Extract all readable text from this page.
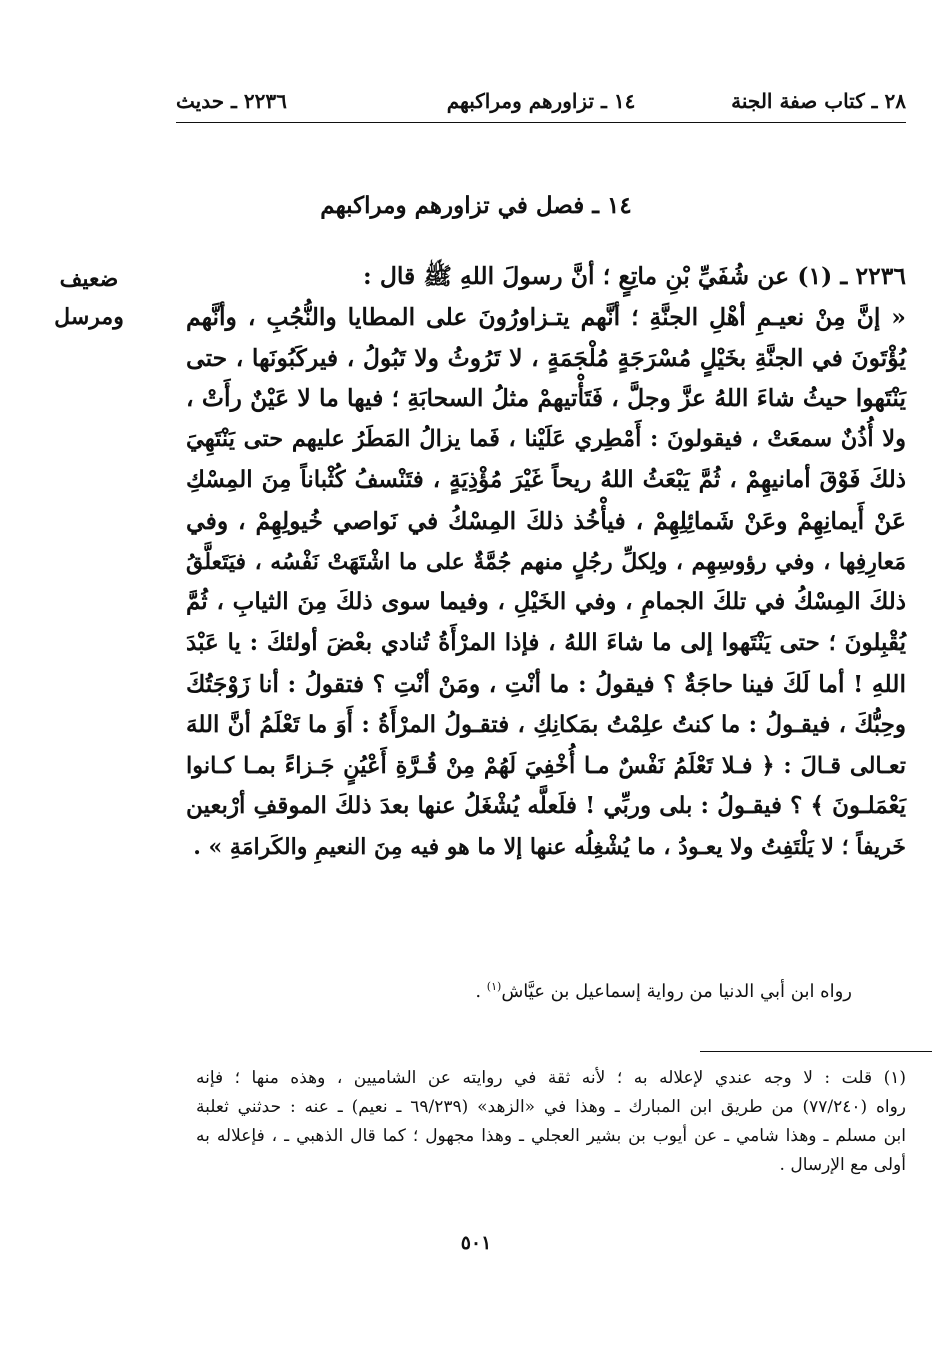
٢٨ ـ كتاب صفة الجنة
١٤ ـ تزاورهم ومراكبهم
٢٢٣٦ ـ حديث
١٤ ـ فصل في تزاورهم ومراكبهم
ضعيف
ومرسل
٢٢٣٦ ـ (١) عن شُفَيِّ بْنِ ماتِعٍ ؛ أنَّ رسولَ اللهِ ﷺ قال :
« إنَّ مِنْ نعيـمِ أهْلِ الجنَّةِ ؛ أنَّهم يتـزاورُونَ على المطايا والنُّجُبِ ، وأنَّهم
يُؤْتَونَ في الجنَّةِ بخَيْلٍ مُسْرَجَةٍ مُلْجَمَةٍ ، لا تَرُوثُ ولا تَبُولُ ، فيركَبُونَها ، حتى
يَنْتَهوا حيثُ شاءَ اللهُ عزَّ وجلَّ ، فَتَأْتيهمْ مثلُ السحابَةِ ؛ فيها ما لا عَيْنٌ رأَتْ ،
ولا أُذُنٌ سمعَتْ ، فيقولونَ : أَمْطِري عَلَيْنا ، فَما يزالُ المَطَرُ عليهم حتى يَنْتَهِيَ
ذلكَ فَوْقَ أمانيهِمْ ، ثُمَّ يَبْعَثُ اللهُ ريحاً غَيْرَ مُؤْذِيَةٍ ، فتَنْسفُ كُثْباناً مِنَ المِسْكِ
عَنْ أَيمانِهِمْ وعَنْ شَمائِلِهِمْ ، فيأْخُذ ذلكَ المِسْكُ في نَواصي خُيولِهِمْ ، وفي
مَعارِفِها ، وفي رؤوسِهِم ، ولِكلِّ رجُلٍ منهم جُمَّةٌ على ما اشْتَهَتْ نَفْسُه ، فيَتَعلَّقُ
ذلكَ المِسْكُ في تلكَ الجمامِ ، وفي الخَيْلِ ، وفيما سوى ذلكَ مِنَ الثيابِ ، ثُمَّ
يُقْبِلونَ ؛ حتى يَنْتَهوا إلى ما شاءَ اللهُ ، فإذا المرْأَةُ تُنادي بعْضَ أولئكَ : يا عَبْدَ
اللهِ ! أما لَكَ فينا حاجَةٌ ؟ فيقولُ : ما أنْتِ ، ومَنْ أنْتِ ؟ فتقولُ : أنا زَوْجَتُكَ
وحِبُّكَ ، فيقـولُ : ما كنتُ علِمْتُ بمَكانِكِ ، فتقـولُ المرْأَةُ : أَوَ ما تَعْلَمُ أنَّ اللهَ
تعـالى قـالَ : ﴿ فـلا تَعْلَمُ نَفْسٌ مـا أُخْفِيَ لَهُمْ مِنْ قُـرَّةِ أَعْيُنٍ جَـزاءً بمـا كـانوا
يَعْمَلـونَ ﴾ ؟ فيقـولُ : بلى وربِّي ! فلَعلَّه يُشْغَلُ عنها بعدَ ذلكَ الموقفِ أرْبعين
خَريفاً ؛ لا يَلْتَفِتُ ولا يعـودُ ، ما يُشْغِلُه عنها إلا ما هو فيه مِنَ النعيمِ والكَرامَةِ » .
رواه ابن أبي الدنيا من رواية إسماعيل بن عيَّاش$^{(١)}$ .
(١) قلت : لا وجه عندي لإعلاله به ؛ لأنه ثقة في روايته عن الشاميين ، وهذه منها ؛ فإنه
رواه (٧٧/٢٤٠) من طريق ابن المبارك ـ وهذا في «الزهد» (٦٩/٢٣٩ ـ نعيم) ـ عنه : حدثني ثعلبة
ابن مسلم ـ وهذا شامي ـ عن أيوب بن بشير العجلي ـ وهذا مجهول ؛ كما قال الذهبي ـ ، فإعلاله به
أولى مع الإرسال .
٥٠١
